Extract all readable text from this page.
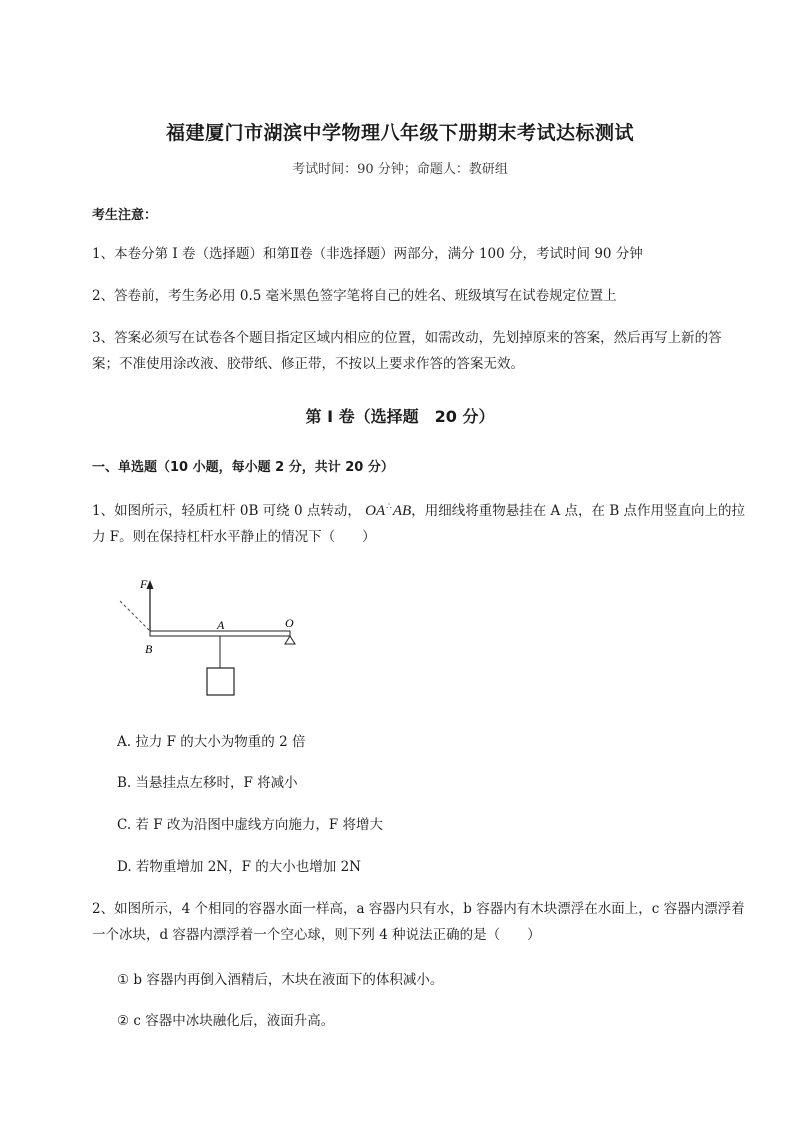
福建厦门市湖滨中学物理八年级下册期末考试达标测试
考试时间：90 分钟；命题人：教研组
考生注意：
1、本卷分第 I 卷（选择题）和第Ⅱ卷（非选择题）两部分，满分 100 分，考试时间 90 分钟
2、答卷前，考生务必用 0.5 毫米黑色签字笔将自己的姓名、班级填写在试卷规定位置上
3、答案必须写在试卷各个题目指定区域内相应的位置，如需改动，先划掉原来的答案，然后再写上新的答案；不准使用涂改液、胶带纸、修正带，不按以上要求作答的答案无效。
第 I 卷（选择题　20 分）
一、单选题（10 小题，每小题 2 分，共计 20 分）
1、如图所示，轻质杠杆 0B 可绕 0 点转动， OA∴AB，用细线将重物悬挂在 A 点，在 B 点作用竖直向上的拉力 F。则在保持杠杆水平静止的情况下（　　）
F
A	O
B
A. 拉力 F 的大小为物重的 2 倍
B. 当悬挂点左移时，F 将减小
C. 若 F 改为沿图中虚线方向施力，F 将增大
D. 若物重增加 2N，F 的大小也增加 2N
2、如图所示，4 个相同的容器水面一样高，a 容器内只有水，b 容器内有木块漂浮在水面上，c 容器内漂浮着一个冰块，d 容器内漂浮着一个空心球，则下列 4 种说法正确的是（　　）
① b 容器内再倒入酒精后，木块在液面下的体积减小。
② c 容器中冰块融化后，液面升高。
